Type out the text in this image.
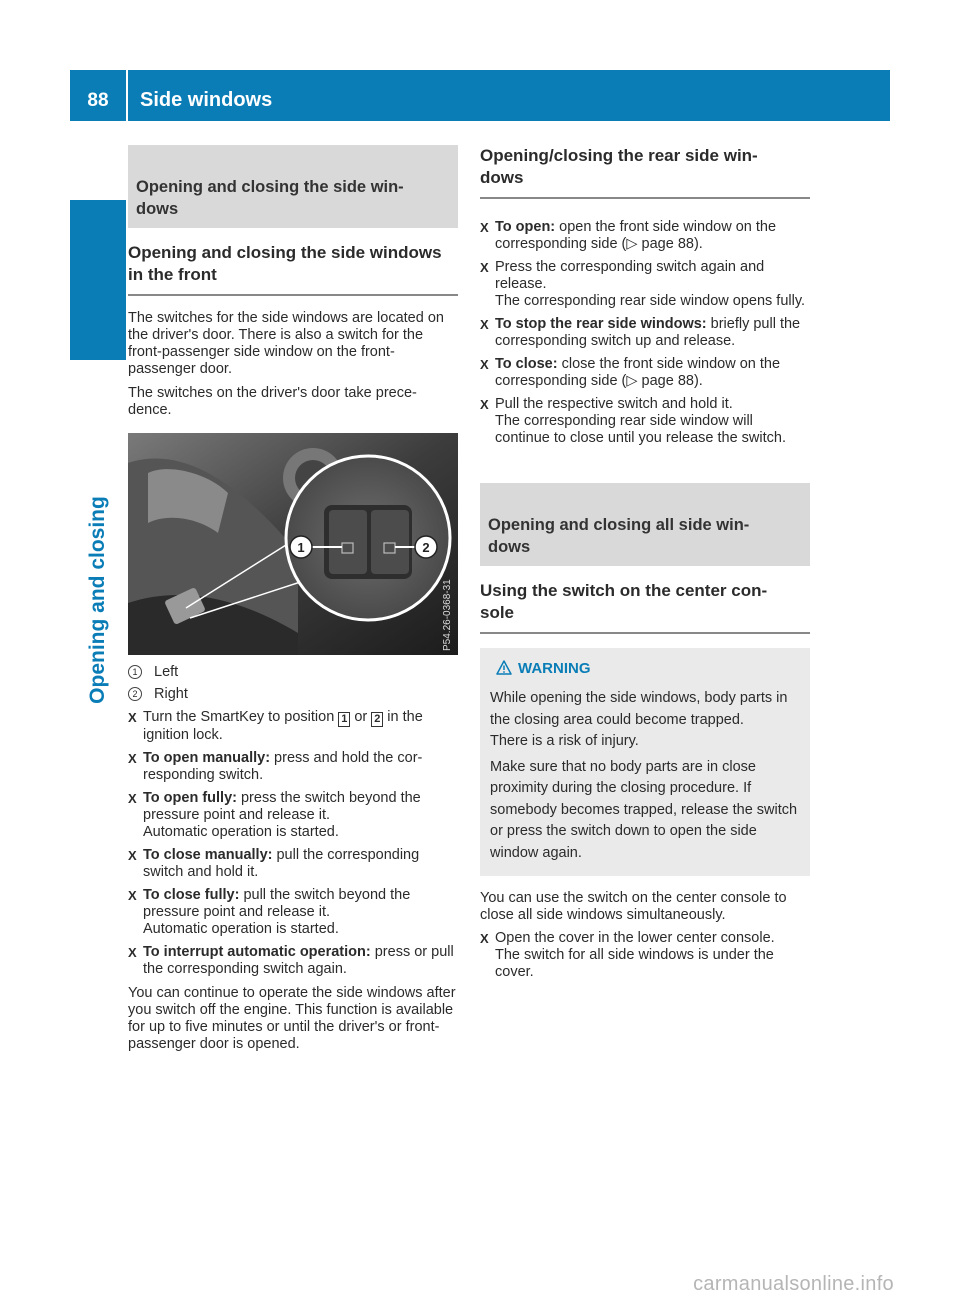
88	Side windows
Opening and closing

Opening and closing the side win-
dows

Opening and closing the side windows
in the front

The switches for the side windows are located on the driver's door. There is also a switch for the front-passenger side window on the front-passenger door.

The switches on the driver's door take prece-dence.

1	2
P54.26-0368-31
1	Left
2	Right
X Turn the SmartKey to position 1 or 2 in the ignition lock.
X To open manually: press and hold the cor-responding switch.
X To open fully: press the switch beyond the pressure point and release it.
Automatic operation is started.
X To close manually: pull the corresponding switch and hold it.
X To close fully: pull the switch beyond the pressure point and release it.
Automatic operation is started.
X To interrupt automatic operation: press or pull the corresponding switch again.

You can continue to operate the side windows after you switch off the engine. This function is available for up to five minutes or until the driver's or front-passenger door is opened.

Opening/closing the rear side win-
dows
X To open: open the front side window on the corresponding side (▷ page 88).
X Press the corresponding switch again and release.
The corresponding rear side window opens fully.
X To stop the rear side windows: briefly pull the corresponding switch up and release.
X To close: close the front side window on the corresponding side (▷ page 88).
X Pull the respective switch and hold it.
The corresponding rear side window will continue to close until you release the switch.

Opening and closing all side win-
dows

Using the switch on the center con-
sole
WARNING

While opening the side windows, body parts in the closing area could become trapped.

There is a risk of injury.

Make sure that no body parts are in close proximity during the closing procedure. If somebody becomes trapped, release the switch or press the switch down to open the side window again.

You can use the switch on the center console to close all side windows simultaneously.

X Open the cover in the lower center console.
The switch for all side windows is under the cover.
carmanualsonline.info
